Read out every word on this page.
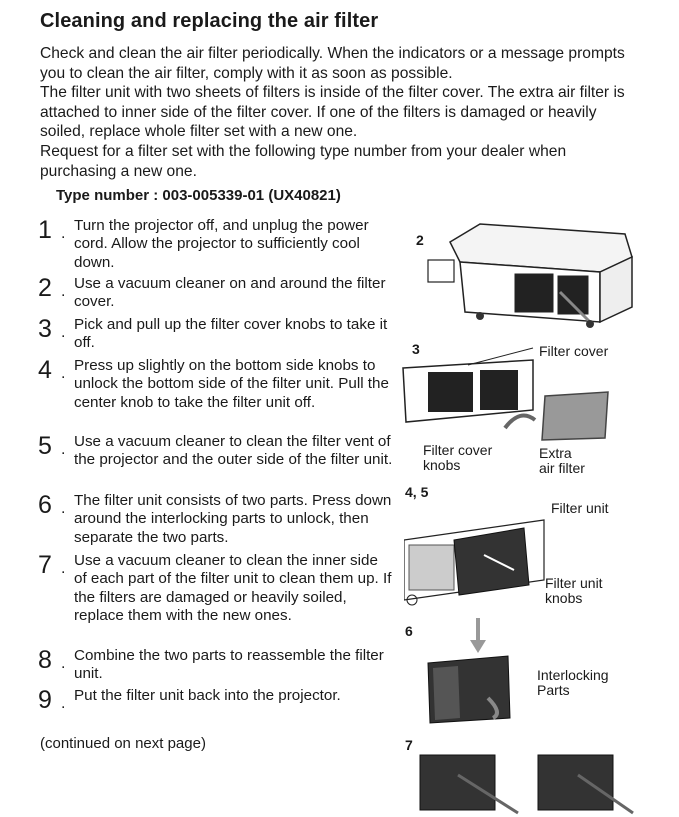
Cleaning and replacing the air filter

Check and clean the air filter periodically. When the indicators or a message prompts you to clean the air filter, comply with it as soon as possible.

The filter unit with two sheets of filters is inside of the filter cover. The extra air filter is attached to inner side of the filter cover. If one of the filters is damaged or heavily soiled, replace whole filter set with a new one.

Request for a filter set with the following type number from your dealer when purchasing a new one.

Type number : 003-005339-01 (UX40821)
1 . Turn the projector off, and unplug the power cord. Allow the projector to sufficiently cool down.
2 . Use a vacuum cleaner on and around the filter cover.
3 . Pick and pull up the filter cover knobs to take it off.
4 . Press up slightly on the bottom side knobs to unlock the bottom side of the filter unit. Pull the center knob to take the filter unit off.
5 . Use a vacuum cleaner to clean the filter vent of the projector and the outer side of the filter unit.
6 . The filter unit consists of two parts. Press down around the interlocking parts to unlock, then separate the two parts.
7 . Use a vacuum cleaner to clean the inner side of each part of the filter unit to clean them up. If the filters are damaged or heavily soiled, replace them with the new ones.
8 . Combine the two parts to reassemble the filter unit.
9 . Put the filter unit back into the projector.
(continued on next page)
2
3	Filter cover
Filter cover
knobs
Extra
air filter
4, 5
Filter unit
Filter unit
knobs
6
Interlocking
Parts
7
